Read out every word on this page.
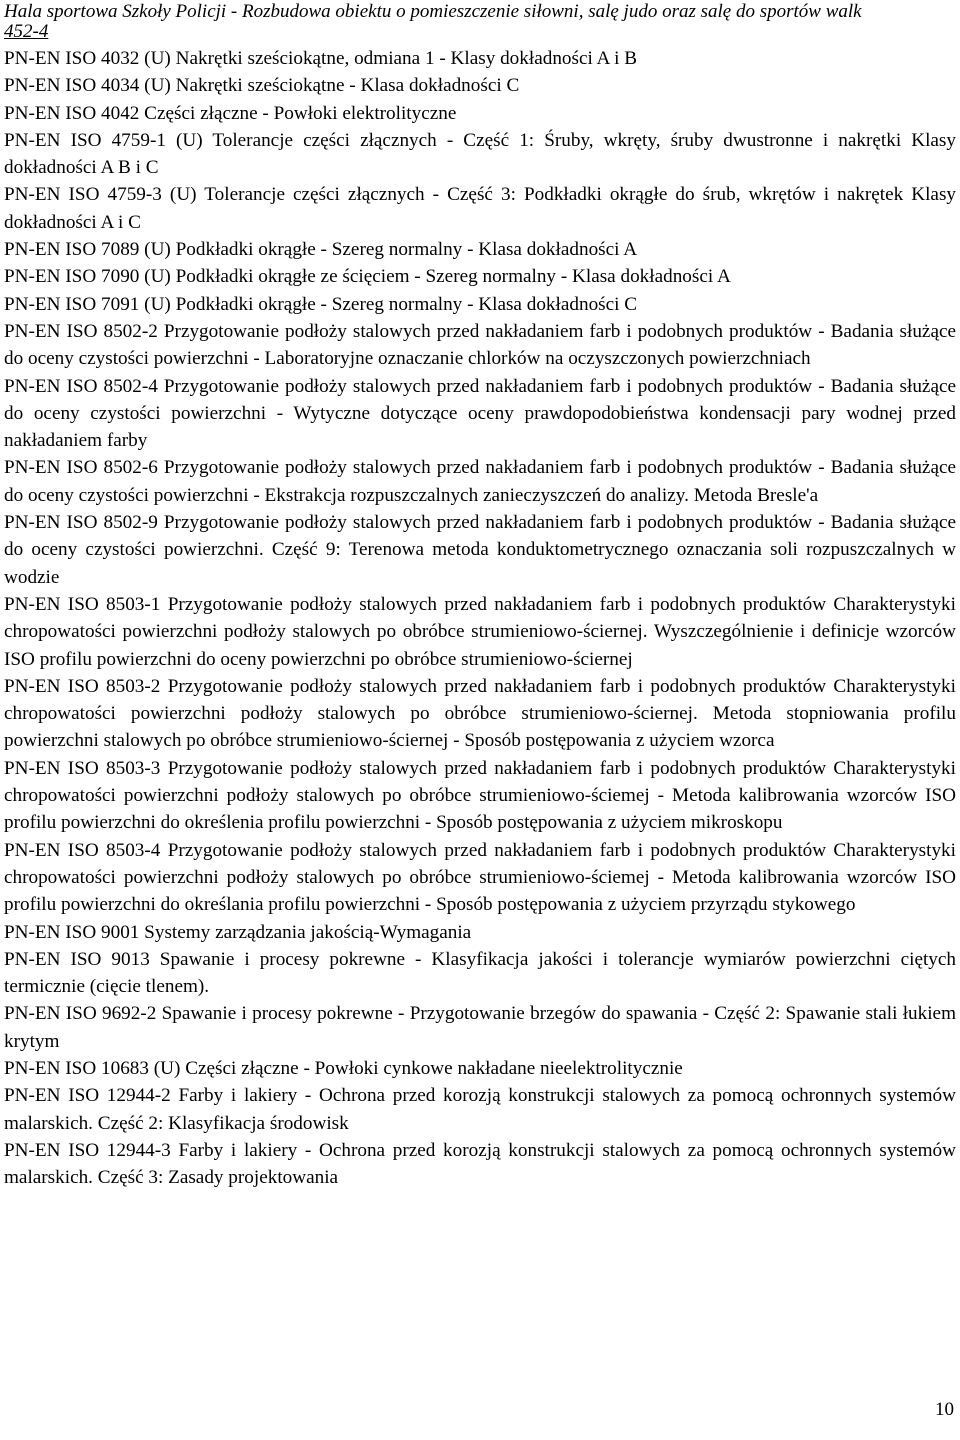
Hala sportowa Szkoły Policji - Rozbudowa obiektu o pomieszczenie siłowni, salę judo oraz salę do sportów walk
452-4

PN-EN ISO 4032 (U) Nakrętki sześciokątne, odmiana 1 - Klasy dokładności A i B

PN-EN ISO 4034 (U) Nakrętki sześciokątne - Klasa dokładności C

PN-EN ISO 4042 Części złączne - Powłoki elektrolityczne

PN-EN ISO 4759-1 (U) Tolerancje części złącznych - Część 1: Śruby, wkręty, śruby dwustronne i nakrętki Klasy dokładności A B i C

PN-EN ISO 4759-3 (U) Tolerancje części złącznych - Część 3: Podkładki okrągłe do śrub, wkrętów i nakrętek Klasy dokładności A i C

PN-EN ISO 7089 (U) Podkładki okrągłe - Szereg normalny - Klasa dokładności A

PN-EN ISO 7090 (U) Podkładki okrągłe ze ścięciem - Szereg normalny - Klasa dokładności A

PN-EN ISO 7091 (U) Podkładki okrągłe - Szereg normalny - Klasa dokładności C

PN-EN ISO 8502-2 Przygotowanie podłoży stalowych przed nakładaniem farb i podobnych produktów - Badania służące do oceny czystości powierzchni - Laboratoryjne oznaczanie chlorków na oczyszczonych powierzchniach

PN-EN ISO 8502-4 Przygotowanie podłoży stalowych przed nakładaniem farb i podobnych produktów - Badania służące do oceny czystości powierzchni - Wytyczne dotyczące oceny prawdopodobieństwa kondensacji pary wodnej przed nakładaniem farby

PN-EN ISO 8502-6 Przygotowanie podłoży stalowych przed nakładaniem farb i podobnych produktów - Badania służące do oceny czystości powierzchni - Ekstrakcja rozpuszczalnych zanieczyszczeń do analizy. Metoda Bresle'a

PN-EN ISO 8502-9 Przygotowanie podłoży stalowych przed nakładaniem farb i podobnych produktów - Badania służące do oceny czystości powierzchni. Część 9: Terenowa metoda konduktometrycznego oznaczania soli rozpuszczalnych w wodzie

PN-EN ISO 8503-1 Przygotowanie podłoży stalowych przed nakładaniem farb i podobnych produktów Charakterystyki chropowatości powierzchni podłoży stalowych po obróbce strumieniowo-ściernej. Wyszczególnienie i definicje wzorców ISO profilu powierzchni do oceny powierzchni po obróbce strumieniowo-ściernej

PN-EN ISO 8503-2 Przygotowanie podłoży stalowych przed nakładaniem farb i podobnych produktów Charakterystyki chropowatości powierzchni podłoży stalowych po obróbce strumieniowo-ściernej. Metoda stopniowania profilu powierzchni stalowych po obróbce strumieniowo-ściernej - Sposób postępowania z użyciem wzorca

PN-EN ISO 8503-3 Przygotowanie podłoży stalowych przed nakładaniem farb i podobnych produktów Charakterystyki chropowatości powierzchni podłoży stalowych po obróbce strumieniowo-ściemej - Metoda kalibrowania wzorców ISO profilu powierzchni do określenia profilu powierzchni - Sposób postępowania z użyciem mikroskopu

PN-EN ISO 8503-4 Przygotowanie podłoży stalowych przed nakładaniem farb i podobnych produktów Charakterystyki chropowatości powierzchni podłoży stalowych po obróbce strumieniowo-ściemej - Metoda kalibrowania wzorców ISO profilu powierzchni do określania profilu powierzchni - Sposób postępowania z użyciem przyrządu stykowego

PN-EN ISO 9001 Systemy zarządzania jakością-Wymagania

PN-EN ISO 9013 Spawanie i procesy pokrewne - Klasyfikacja jakości i tolerancje wymiarów powierzchni ciętych termicznie (cięcie tlenem).

PN-EN ISO 9692-2 Spawanie i procesy pokrewne - Przygotowanie brzegów do spawania - Część 2: Spawanie stali łukiem krytym

PN-EN ISO 10683 (U) Części złączne - Powłoki cynkowe nakładane nieelektrolitycznie

PN-EN ISO 12944-2 Farby i lakiery - Ochrona przed korozją konstrukcji stalowych za pomocą ochronnych systemów malarskich. Część 2: Klasyfikacja środowisk

PN-EN ISO 12944-3 Farby i lakiery - Ochrona przed korozją konstrukcji stalowych za pomocą ochronnych systemów malarskich. Część 3: Zasady projektowania

10
